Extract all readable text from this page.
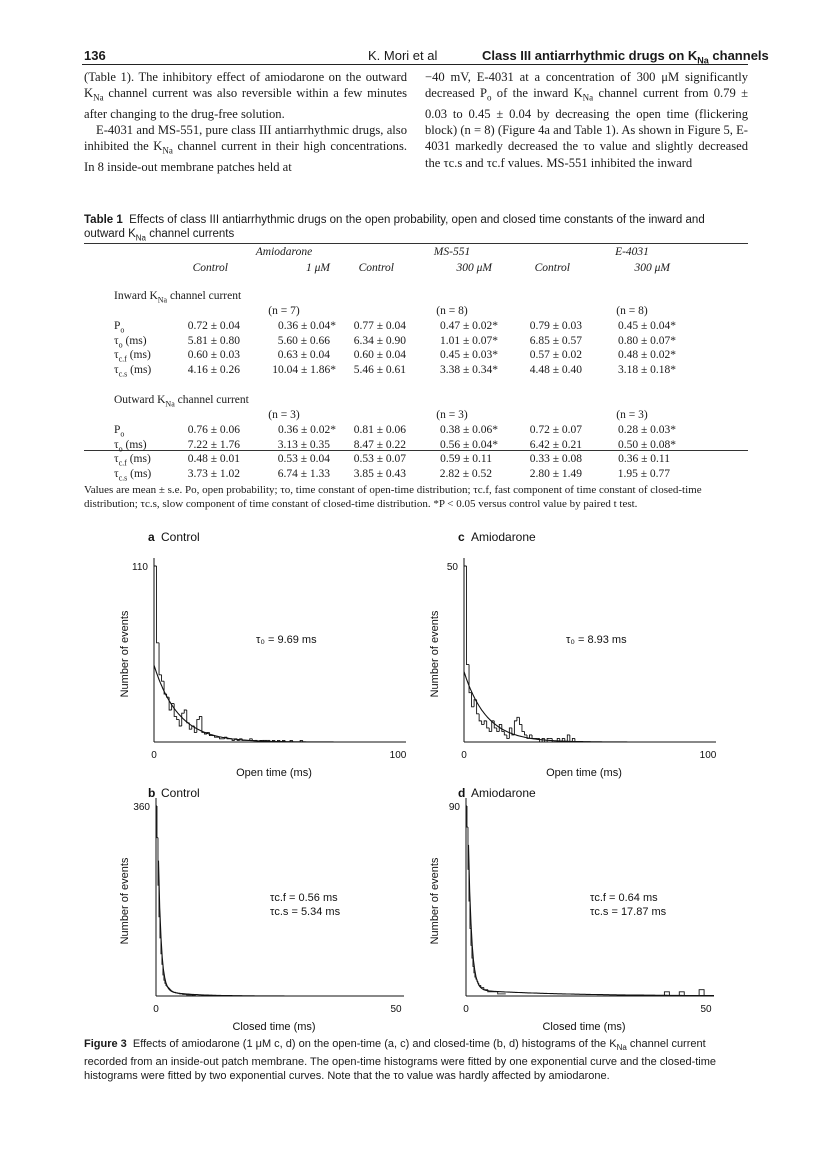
136	K. Mori et al	Class III antiarrhythmic drugs on $K_{Na}$ channels

(Table 1). The inhibitory effect of amiodarone on the outward $K_{Na}$ channel current was also reversible within a few minutes after changing to the drug-free solution.

E-4031 and MS-551, pure class III antiarrhythmic drugs, also inhibited the $K_{Na}$ channel current in their high concentrations. In 8 inside-out membrane patches held at

−40 mV, E-4031 at a concentration of 300 μM significantly decreased $P_o$ of the inward $K_{Na}$ channel current from 0.79 ± 0.03 to 0.45 ± 0.04 by decreasing the open time (flickering block) (n = 8) (Figure 4a and Table 1). As shown in Figure 5, E-4031 markedly decreased the τo value and slightly decreased the τc.s and τc.f values. MS-551 inhibited the inward

Table 1 Effects of class III antiarrhythmic drugs on the open probability, open and closed time constants of the inward and outward $K_{Na}$ channel currents
Amiodarone	MS-551	E-4031
Control	1 μM	Control	300 μM	Control	300 μM
Inward $K_{Na}$ channel current
(n = 7)	(n = 8)	(n = 8)
$P_o$	0.72 ± 0.04	0.36 ± 0.04*	0.77 ± 0.04	0.47 ± 0.02*	0.79 ± 0.03	0.45 ± 0.04*
$\tau_o$ (ms)	5.81 ± 0.80	5.60 ± 0.66	6.34 ± 0.90	1.01 ± 0.07*	6.85 ± 0.57	0.80 ± 0.07*
$\tau_{c.f}$ (ms)	0.60 ± 0.03	0.63 ± 0.04	0.60 ± 0.04	0.45 ± 0.03*	0.57 ± 0.02	0.48 ± 0.02*
$\tau_{c.s}$ (ms)	4.16 ± 0.26	10.04 ± 1.86*	5.46 ± 0.61	3.38 ± 0.34*	4.48 ± 0.40	3.18 ± 0.18*
Outward $K_{Na}$ channel current
(n = 3)	(n = 3)	(n = 3)
$P_o$	0.76 ± 0.06	0.36 ± 0.02*	0.81 ± 0.06	0.38 ± 0.06*	0.72 ± 0.07	0.28 ± 0.03*
$\tau_o$ (ms)	7.22 ± 1.76	3.13 ± 0.35	8.47 ± 0.22	0.56 ± 0.04*	6.42 ± 0.21	0.50 ± 0.08*
$\tau_{c.f}$ (ms)	0.48 ± 0.01	0.53 ± 0.04	0.53 ± 0.07	0.59 ± 0.11	0.33 ± 0.08	0.36 ± 0.11
$\tau_{c.s}$ (ms)	3.73 ± 1.02	6.74 ± 1.33	3.85 ± 0.43	2.82 ± 0.52	2.80 ± 1.49	1.95 ± 0.77
Values are mean ± s.e. Po, open probability; τo, time constant of open-time distribution; τc.f, fast component of time constant of closed-time distribution; τc.s, slow component of time constant of closed-time distribution. *P < 0.05 versus control value by paired t test.
a Control
110
0	100
Open time (ms)
Number of events	τ₀ = 9.69 ms
c Amiodarone
50
0	100
Open time (ms)
Number of events	τ₀ = 8.93 ms
b Control
360
0	50
Closed time (ms)
Number of events	τc.f = 0.56 ms
τc.s = 5.34 ms
d Amiodarone
90
0	50
Closed time (ms)
Number of events	τc.f = 0.64 ms
τc.s = 17.87 ms
Figure 3 Effects of amiodarone (1 μM c, d) on the open-time (a, c) and closed-time (b, d) histograms of the $K_{Na}$ channel current recorded from an inside-out patch membrane. The open-time histograms were fitted by one exponential curve and the closed-time histograms were fitted by two exponential curves. Note that the τo value was hardly affected by amiodarone.
